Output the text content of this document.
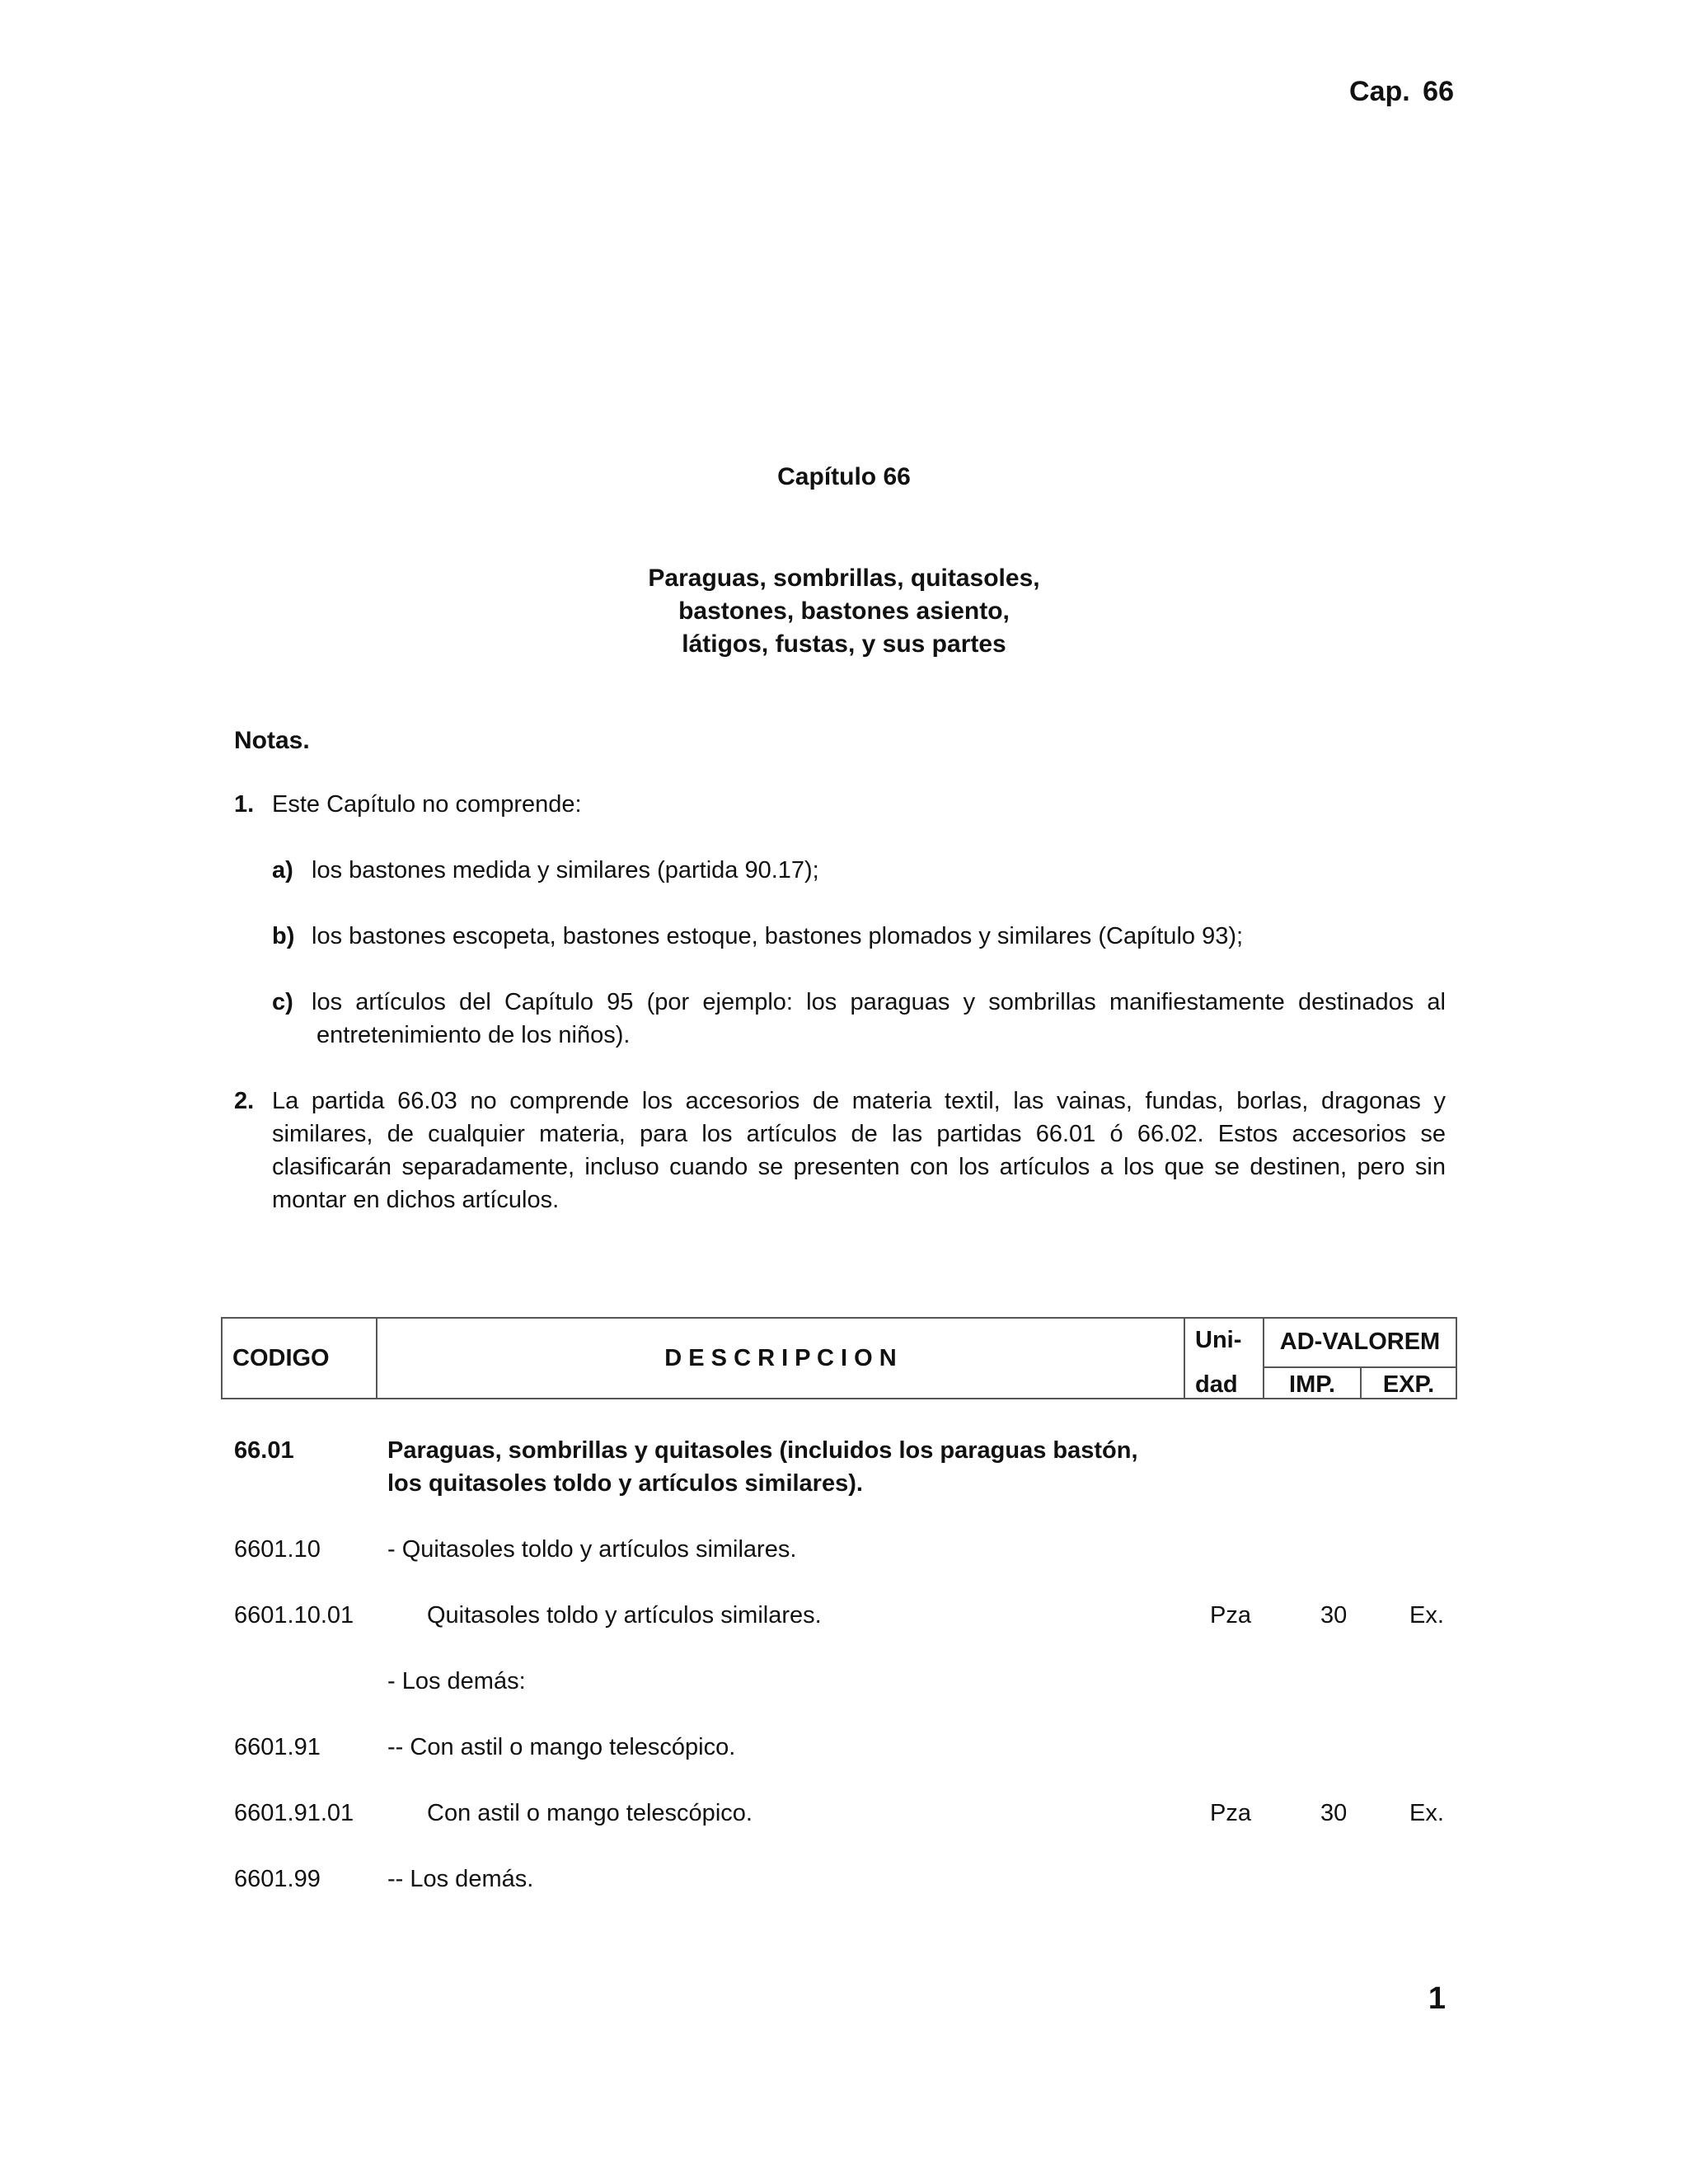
Cap. 66
Capítulo 66
Paraguas, sombrillas, quitasoles,
bastones, bastones asiento,
látigos, fustas, y sus partes
Notas.
1. Este Capítulo no comprende:
a) los bastones medida y similares (partida 90.17);
b) los bastones escopeta, bastones estoque, bastones plomados y similares (Capítulo 93);
c) los artículos del Capítulo 95 (por ejemplo: los paraguas y sombrillas manifiestamente destinados al
entretenimiento de los niños).
2. La partida 66.03 no comprende los accesorios de materia textil, las vainas, fundas, borlas, dragonas y similares, de cualquier materia, para los artículos de las partidas 66.01 ó 66.02. Estos accesorios se clasificarán separadamente, incluso cuando se presenten con los artículos a los que se destinen, pero sin montar en dichos artículos.
CODIGO	D E S C R I P C I O N
Uni-
dad
AD-VALOREM
IMP.	EXP.
66.01	Paraguas, sombrillas y quitasoles (incluidos los paraguas bastón,
los quitasoles toldo y artículos similares).
6601.10	- Quitasoles toldo y artículos similares.
6601.10.01	Quitasoles toldo y artículos similares.	Pza	30	Ex.
- Los demás:
6601.91	-- Con astil o mango telescópico.
6601.91.01	Con astil o mango telescópico.	Pza	30	Ex.
6601.99	-- Los demás.
1
